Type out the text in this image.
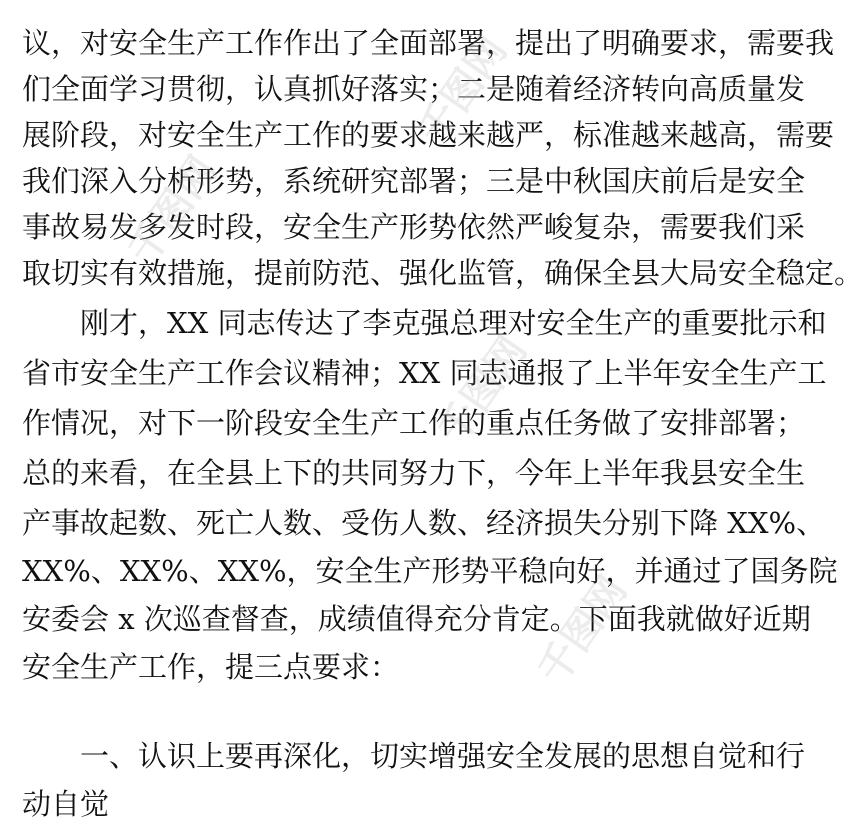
议，对安全生产工作作出了全面部署，提出了明确要求，需要我
们全面学习贯彻，认真抓好落实；二是随着经济转向高质量发
展阶段，对安全生产工作的要求越来越严，标准越来越高，需要
我们深入分析形势，系统研究部署；三是中秋国庆前后是安全
事故易发多发时段，安全生产形势依然严峻复杂，需要我们采
取切实有效措施，提前防范、强化监管，确保全县大局安全稳定。
刚才，XX 同志传达了李克强总理对安全生产的重要批示和
省市安全生产工作会议精神；XX 同志通报了上半年安全生产工
作情况，对下一阶段安全生产工作的重点任务做了安排部署；
总的来看，在全县上下的共同努力下，今年上半年我县安全生
产事故起数、死亡人数、受伤人数、经济损失分别下降 XX%、
XX%、XX%、XX%，安全生产形势平稳向好，并通过了国务院
安委会 x 次巡查督查，成绩值得充分肯定。下面我就做好近期
安全生产工作，提三点要求：
一、认识上要再深化，切实增强安全发展的思想自觉和行
动自觉
千图网
千图网
千图网
千图网
